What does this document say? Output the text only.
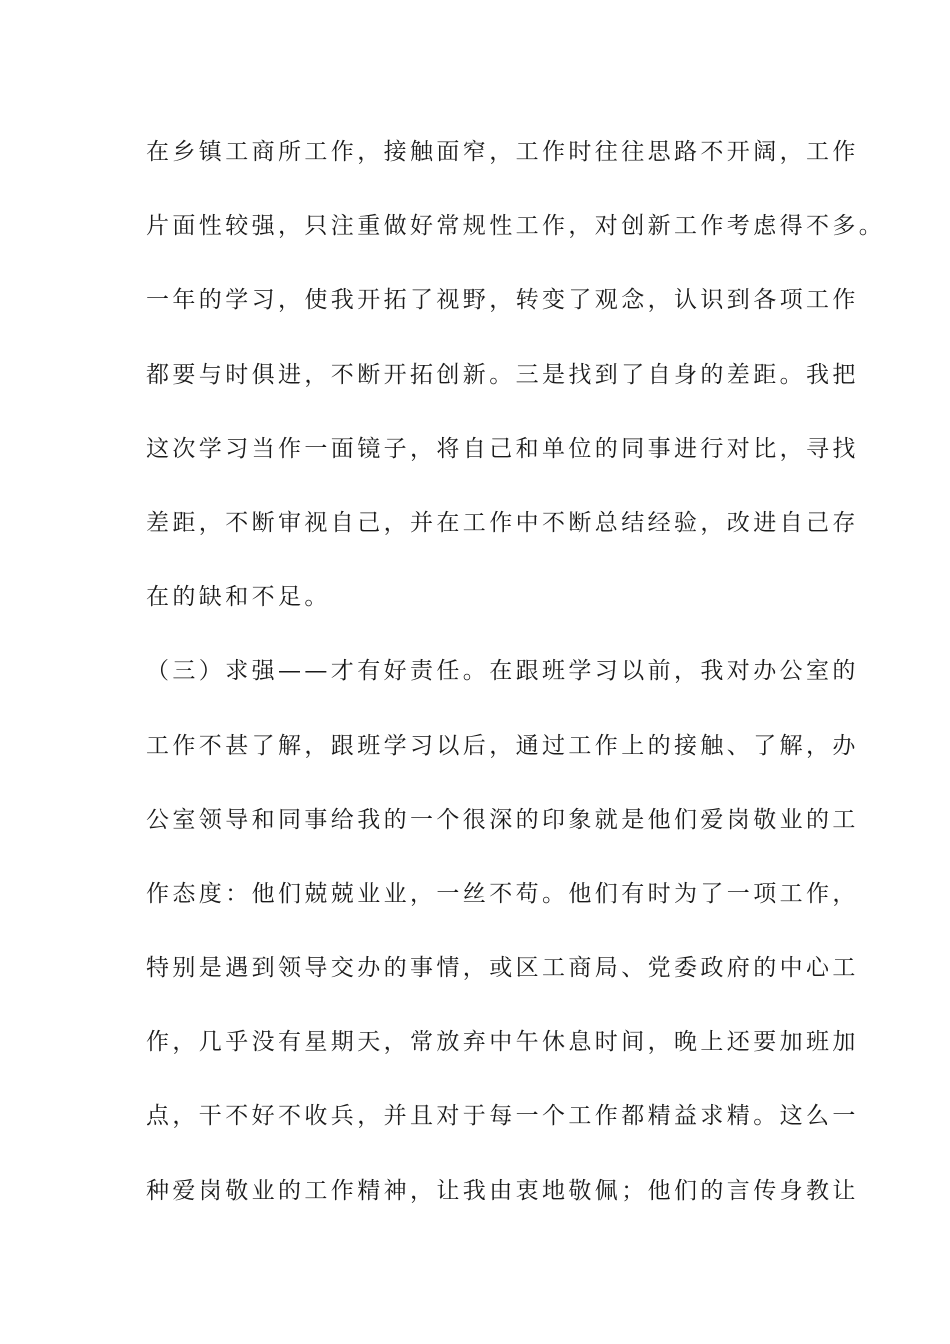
在乡镇工商所工作，接触面窄，工作时往往思路不开阔，工作
片面性较强，只注重做好常规性工作，对创新工作考虑得不多。
一年的学习，使我开拓了视野，转变了观念，认识到各项工作
都要与时俱进，不断开拓创新。三是找到了自身的差距。我把
这次学习当作一面镜子，将自己和单位的同事进行对比，寻找
差距，不断审视自己，并在工作中不断总结经验，改进自己存
在的缺和不足。
（三）求强——才有好责任。在跟班学习以前，我对办公室的
工作不甚了解，跟班学习以后，通过工作上的接触、了解，办
公室领导和同事给我的一个很深的印象就是他们爱岗敬业的工
作态度：他们兢兢业业，一丝不苟。他们有时为了一项工作，
特别是遇到领导交办的事情，或区工商局、党委政府的中心工
作，几乎没有星期天，常放弃中午休息时间，晚上还要加班加
点，干不好不收兵，并且对于每一个工作都精益求精。这么一
种爱岗敬业的工作精神，让我由衷地敬佩；他们的言传身教让
